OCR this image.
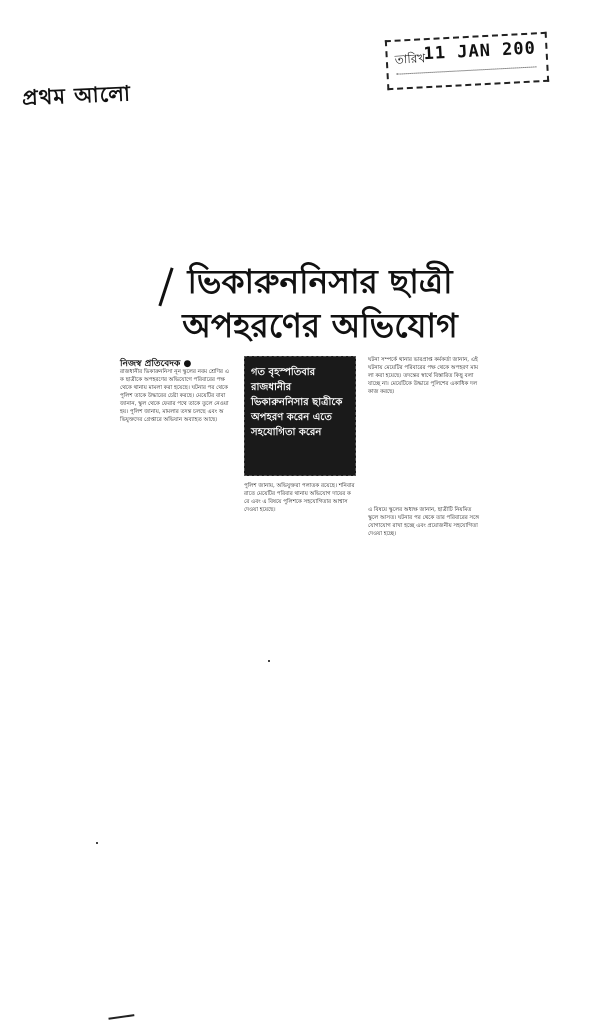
প্রথম আলো
তারিখ
11 JAN 200
ভিকারুননিসার ছাত্রী
অপহরণের অভিযোগ
নিজস্ব প্রতিবেদক ●
রাজধানীর ভিকারুননিসা নূন স্কুলের নবম শ্রেণির এক ছাত্রীকে অপহরণের অভিযোগে পরিবারের পক্ষ থেকে থানায় মামলা করা হয়েছে। ঘটনার পর থেকে পুলিশ তাকে উদ্ধারের চেষ্টা করছে। মেয়েটির বাবা জানান, স্কুল থেকে ফেরার পথে তাকে তুলে নেওয়া হয়। পুলিশ জানায়, মামলার তদন্ত চলছে এবং অভিযুক্তদের গ্রেপ্তারে অভিযান অব্যাহত আছে।
গত বৃহস্পতিবার রাজধানীর ভিকারুননিসার ছাত্রীকে অপহরণ করেন এতে সহযোগিতা করেন
পুলিশ জানায়, অভিযুক্তরা পলাতক রয়েছে। শনিবার রাতে মেয়েটির পরিবার থানায় অভিযোগ দায়ের করে এবং এ বিষয়ে পুলিশকে সহযোগিতার আশ্বাস দেওয়া হয়েছে।
ঘটনা সম্পর্কে থানার ভারপ্রাপ্ত কর্মকর্তা জানান, এই ঘটনায় মেয়েটির পরিবারের পক্ষ থেকে অপহরণ মামলা করা হয়েছে। তদন্তের স্বার্থে বিস্তারিত কিছু বলা যাচ্ছে না। মেয়েটিকে উদ্ধারে পুলিশের একাধিক দল কাজ করছে।
এ বিষয়ে স্কুলের অধ্যক্ষ জানান, ছাত্রীটি নিয়মিত স্কুলে আসত। ঘটনার পর থেকে তার পরিবারের সঙ্গে যোগাযোগ রাখা হচ্ছে এবং প্রয়োজনীয় সহযোগিতা দেওয়া হচ্ছে।
